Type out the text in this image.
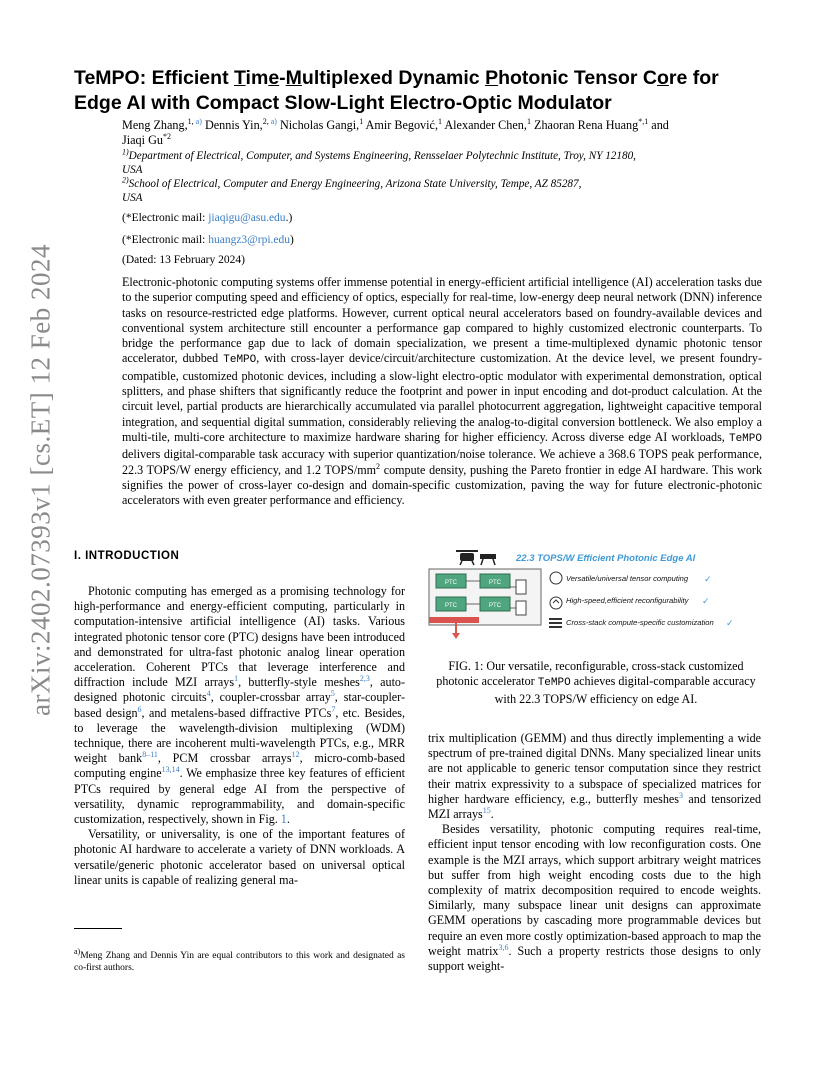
arXiv:2402.07393v1 [cs.ET] 12 Feb 2024
TeMPO: Efficient Time-Multiplexed Dynamic Photonic Tensor Core for
Edge AI with Compact Slow-Light Electro-Optic Modulator
Meng Zhang,$^{1, a)}$ Dennis Yin,$^{2, a)}$ Nicholas Gangi,$^1$ Amir Begović,$^1$ Alexander Chen,$^1$ Zhaoran Rena Huang$^{*,1}$ and
Jiaqi Gu$^{*2}$
$^{1)}$Department of Electrical, Computer, and Systems Engineering, Rensselaer Polytechnic Institute, Troy, NY 12180,
USA
$^{2)}$School of Electrical, Computer and Energy Engineering, Arizona State University, Tempe, AZ 85287,
USA
(*Electronic mail: jiaqigu@asu.edu.)
(*Electronic mail: huangz3@rpi.edu)
(Dated: 13 February 2024)
Electronic-photonic computing systems offer immense potential in energy-efficient artificial intelligence (AI) acceleration tasks due to the superior computing speed and efficiency of optics, especially for real-time, low-energy deep neural network (DNN) inference tasks on resource-restricted edge platforms. However, current optical neural accelerators based on foundry-available devices and conventional system architecture still encounter a performance gap compared to highly customized electronic counterparts. To bridge the performance gap due to lack of domain specialization, we present a time-multiplexed dynamic photonic tensor accelerator, dubbed TeMPO, with cross-layer device/circuit/architecture customization. At the device level, we present foundry-compatible, customized photonic devices, including a slow-light electro-optic modulator with experimental demonstration, optical splitters, and phase shifters that significantly reduce the footprint and power in input encoding and dot-product calculation. At the circuit level, partial products are hierarchically accumulated via parallel photocurrent aggregation, lightweight capacitive temporal integration, and sequential digital summation, considerably relieving the analog-to-digital conversion bottleneck. We also employ a multi-tile, multi-core architecture to maximize hardware sharing for higher efficiency. Across diverse edge AI workloads, TeMPO delivers digital-comparable task accuracy with superior quantization/noise tolerance. We achieve a 368.6 TOPS peak performance, 22.3 TOPS/W energy efficiency, and 1.2 TOPS/$mm^2$ compute density, pushing the Pareto frontier in edge AI hardware. This work signifies the power of cross-layer co-design and domain-specific customization, paving the way for future electronic-photonic accelerators with even greater performance and efficiency.
I. INTRODUCTION

Photonic computing has emerged as a promising technology for high-performance and energy-efficient computing, particularly in computation-intensive artificial intelligence (AI) tasks. Various integrated photonic tensor core (PTC) designs have been introduced and demonstrated for ultra-fast photonic analog linear operation acceleration. Coherent PTCs that leverage interference and diffraction include MZI arrays$^1$, butterfly-style meshes$^{2,3}$, auto-designed photonic circuits$^4$, coupler-crossbar array$^5$, star-coupler-based design$^6$, and metalens-based diffractive PTCs$^7$, etc. Besides, to leverage the wavelength-division multiplexing (WDM) technique, there are incoherent multi-wavelength PTCs, e.g., MRR weight bank$^{8-11}$, PCM crossbar arrays$^{12}$, micro-comb-based computing engine$^{13,14}$. We emphasize three key features of efficient PTCs required by general edge AI from the perspective of versatility, dynamic reprogrammability, and domain-specific customization, respectively, shown in Fig. 1.

Versatility, or universality, is one of the important features of photonic AI hardware to accelerate a variety of DNN workloads. A versatile/generic photonic accelerator based on universal optical linear units is capable of realizing general ma-

$^{a)}$Meng Zhang and Dennis Yin are equal contributors to this work and designated as co-first authors.
22.3 TOPS/W Efficient Photonic Edge AI
PTC	PTC
PTC	PTC
Versatile/universal tensor computing ✓
High-speed,efficient reconfigurability ✓
Cross-stack compute-specific customization ✓
FIG. 1: Our versatile, reconfigurable, cross-stack customized photonic accelerator TeMPO achieves digital-comparable accuracy with 22.3 TOPS/W efficiency on edge AI.

trix multiplication (GEMM) and thus directly implementing a wide spectrum of pre-trained digital DNNs. Many specialized linear units are not applicable to generic tensor computation since they restrict their matrix expressivity to a subspace of specialized matrices for higher hardware efficiency, e.g., butterfly meshes$^3$ and tensorized MZI arrays$^{15}$.

Besides versatility, photonic computing requires real-time, efficient input tensor encoding with low reconfiguration costs. One example is the MZI arrays, which support arbitrary weight matrices but suffer from high weight encoding costs due to the high complexity of matrix decomposition required to encode weights. Similarly, many subspace linear unit designs can approximate GEMM operations by cascading more programmable devices but require an even more costly optimization-based approach to map the weight matrix$^{3,6}$. Such a property restricts those designs to only support weight-
